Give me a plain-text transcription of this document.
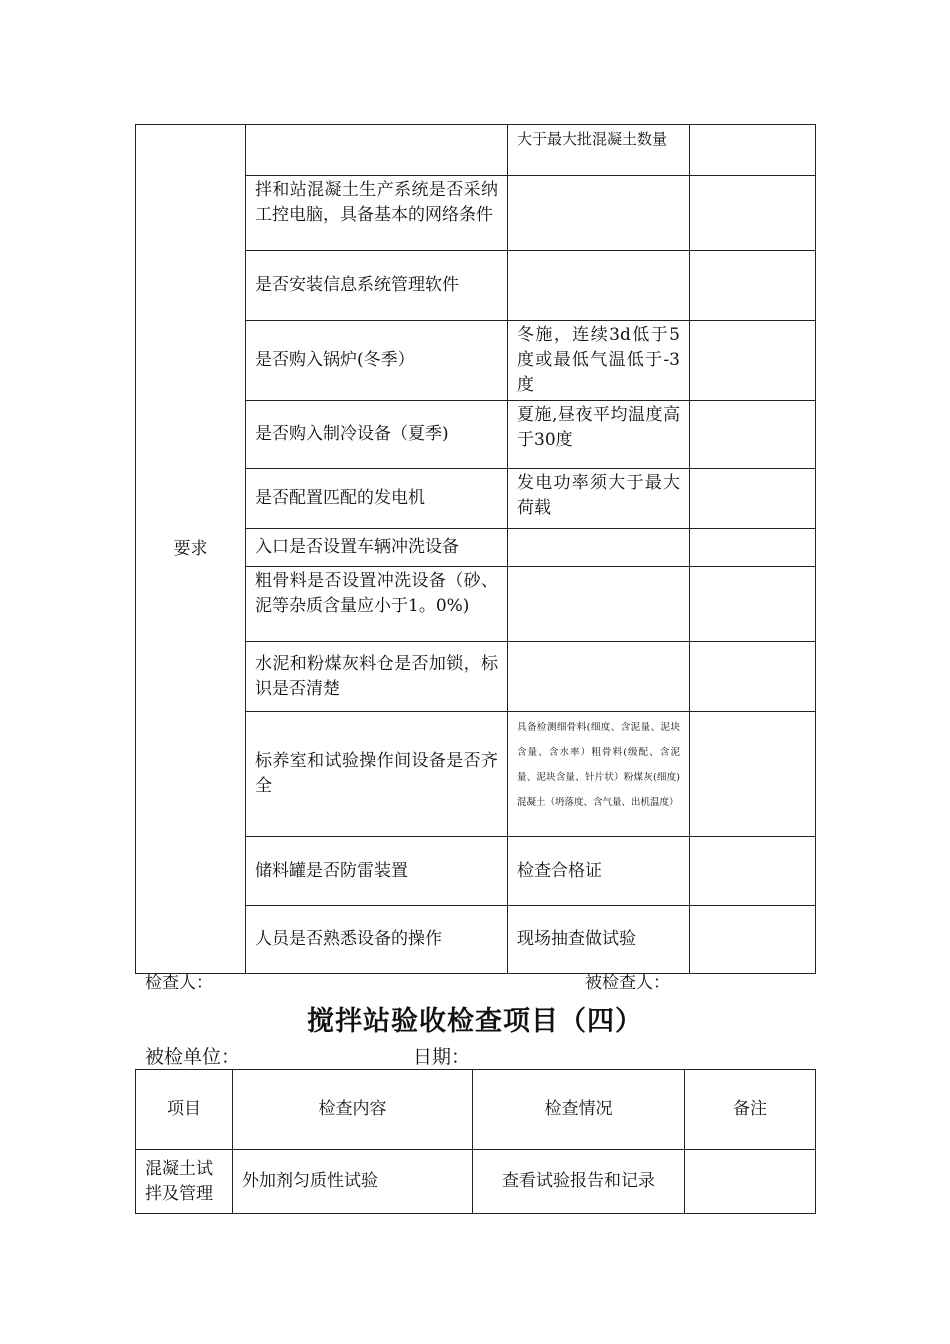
要求		大于最大批混凝土数量	
	拌和站混凝土生产系统是否采纳工控电脑，具备基本的网络条件		
	是否安装信息系统管理软件		
	是否购入锅炉(冬季）	冬施，连续3d低于5度或最低气温低于-3度	
	是否购入制冷设备（夏季)	夏施,昼夜平均温度高于30度	
	是否配置匹配的发电机	发电功率须大于最大荷载	
	入口是否设置车辆冲洗设备		
	粗骨料是否设置冲洗设备（砂、泥等杂质含量应小于1。0%)		
	水泥和粉煤灰料仓是否加锁，标识是否清楚		
	标养室和试验操作间设备是否齐全	具备检测细骨料(细度、含泥量、泥块含量、含水率）粗骨料(级配、含泥量、泥块含量、针片状）粉煤灰(细度)混凝土（坍落度、含气量、出机温度）	
	储料罐是否防雷装置	检查合格证	
	人员是否熟悉设备的操作	现场抽查做试验	
检查人：	被检查人：
搅拌站验收检查项目（四）
被检单位：	日期：
项目	检查内容	检查情况	备注
混凝土试拌及管理	外加剂匀质性试验	查看试验报告和记录	
